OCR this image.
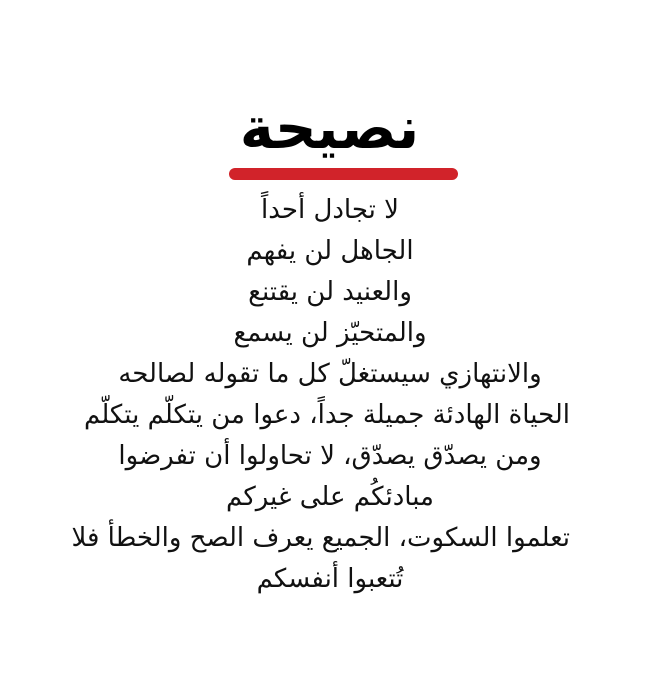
نصيحة
لا تجادل أحداً
الجاهل لن يفهم
والعنيد لن يقتنع
والمتحيّز لن يسمع
والانتهازي سيستغلّ كل ما تقوله لصالحه
الحياة الهادئة جميلة جداً، دعوا من يتكلّم يتكلّم
ومن يصدّق يصدّق، لا تحاولوا أن تفرضوا
مبادئكُم على غيركم
تعلموا السكوت، الجميع يعرف الصح والخطأ فلا
تُتعبوا أنفسكم
